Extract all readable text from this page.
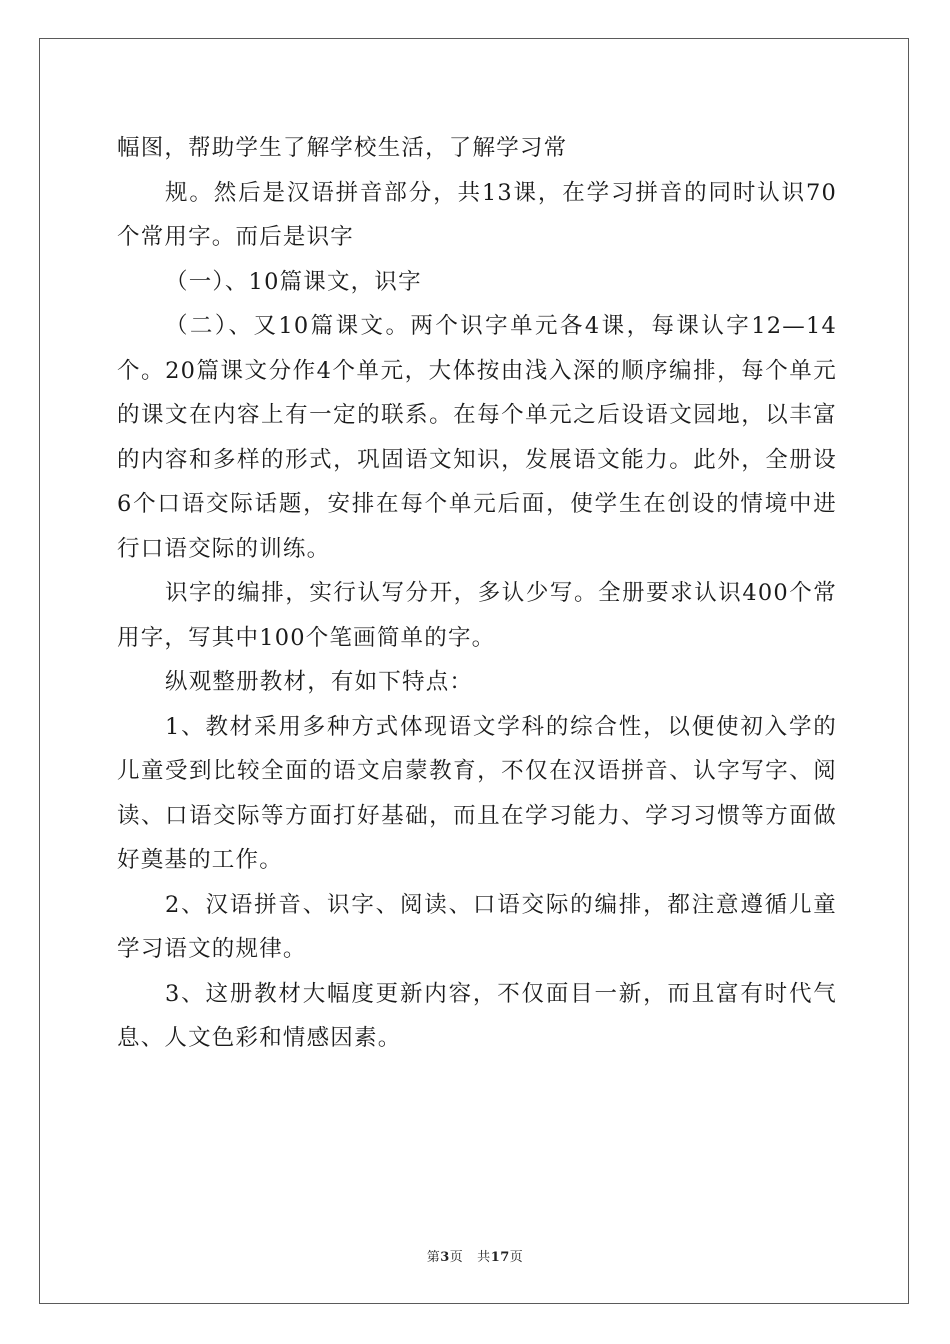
幅图，帮助学生了解学校生活，了解学习常

规。然后是汉语拼音部分，共13课，在学习拼音的同时认识70个常用字。而后是识字

（一）、10篇课文，识字

（二）、又10篇课文。两个识字单元各4课，每课认字12—14个。20篇课文分作4个单元，大体按由浅入深的顺序编排，每个单元的课文在内容上有一定的联系。在每个单元之后设语文园地，以丰富的内容和多样的形式，巩固语文知识，发展语文能力。此外，全册设6个口语交际话题，安排在每个单元后面，使学生在创设的情境中进行口语交际的训练。

识字的编排，实行认写分开，多认少写。全册要求认识400个常用字，写其中100个笔画简单的字。

纵观整册教材，有如下特点：

1、教材采用多种方式体现语文学科的综合性，以便使初入学的儿童受到比较全面的语文启蒙教育，不仅在汉语拼音、认字写字、阅读、口语交际等方面打好基础，而且在学习能力、学习习惯等方面做好奠基的工作。

2、汉语拼音、识字、阅读、口语交际的编排，都注意遵循儿童学习语文的规律。

3、这册教材大幅度更新内容，不仅面目一新，而且富有时代气息、人文色彩和情感因素。

第3页 共17页
